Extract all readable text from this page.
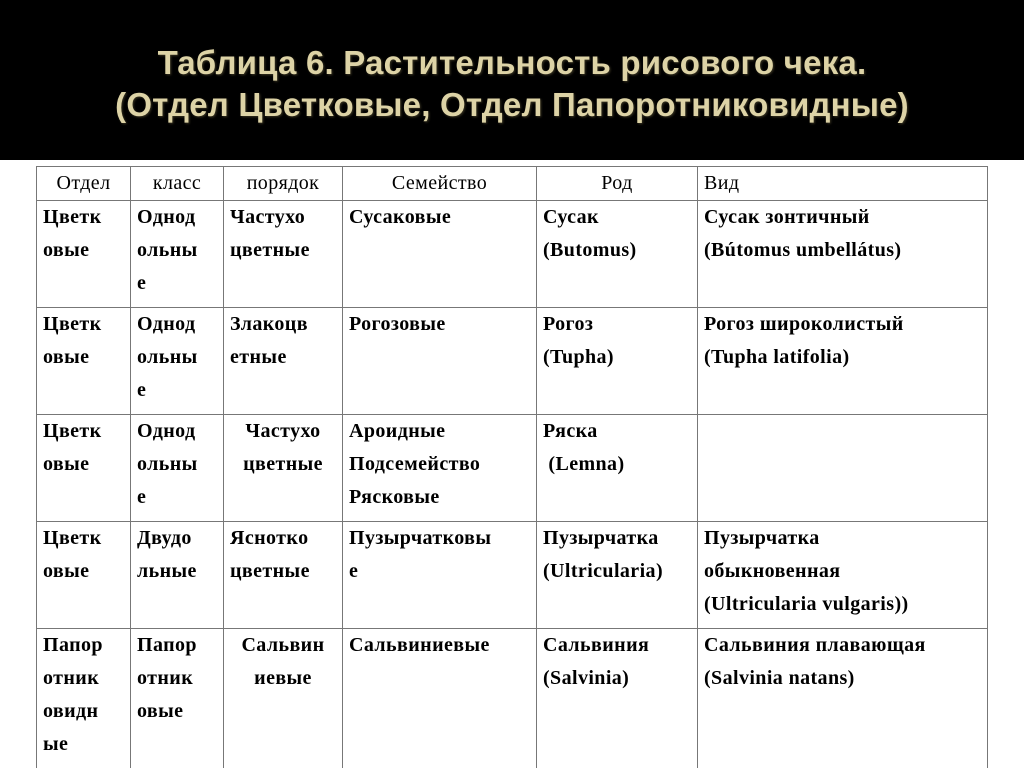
Таблица 6. Растительность рисового чека.
(Отдел Цветковые, Отдел Папоротниковидные)
Отдел	класс	порядок	Семейство	Род	Вид

Цветк
овые	Однод
ольны
е	Частухо
цветные	Сусаковые	Сусак
(Butomus)	Сусак зонтичный
(Bútomus umbellátus)

Цветк
овые	Однод
ольны
е	Злакоцв
етные	Рогозовые	Рогоз
(Tupha)	Рогоз широколистый
(Tupha latifolia)

Цветк
овые	Однод
ольны
е	Частухо
цветные	Ароидные
Подсемейство
Рясковые	Ряска
(Lemna)	

Цветк
овые	Двудо
льные	Яснотко
цветные	Пузырчатковы
е	Пузырчатка
(Ultricularia)	Пузырчатка
обыкновенная
(Ultricularia vulgaris))

Папор
отник
овидн
ые	Папор
отник
овые	Сальвин
иевые	Сальвиниевые	Сальвиния
(Salvinia)	Сальвиния плавающая
(Salvinia natans)
